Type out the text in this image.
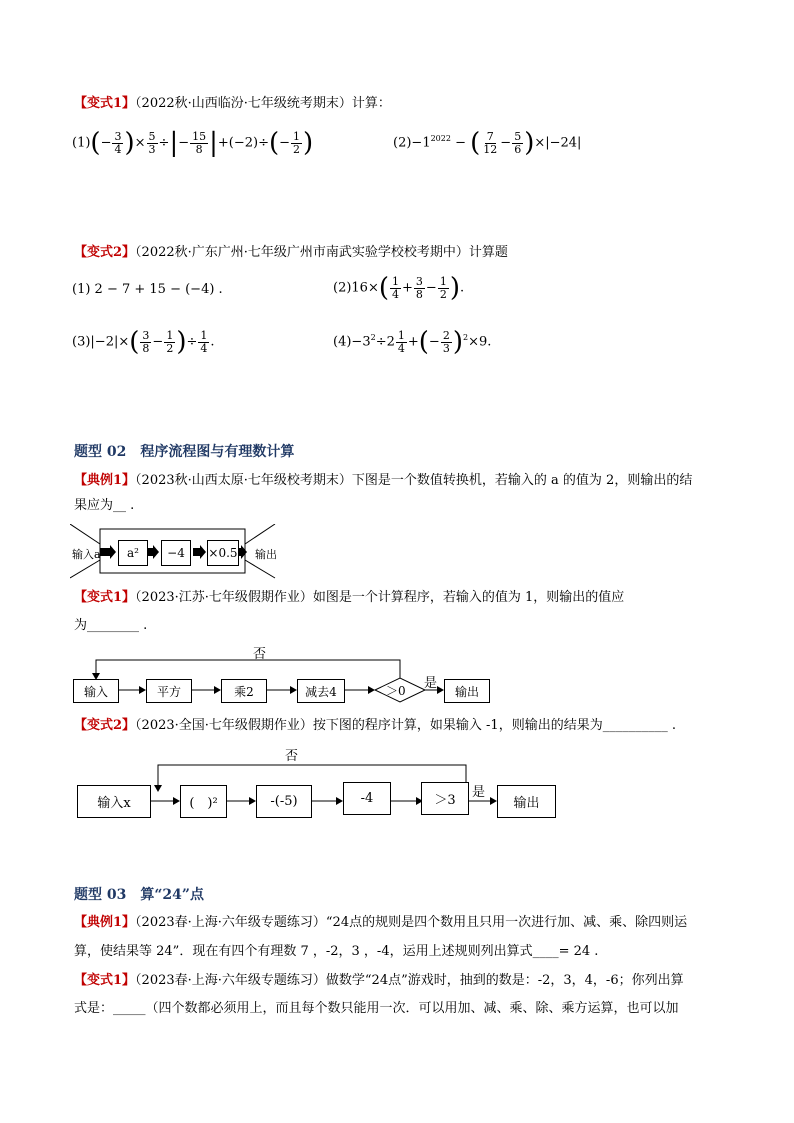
【变式1】（2022秋·山西临汾·七年级统考期末）计算：
$(1)(- \frac{3}{4}$ )× $\frac{5}{3}$ ÷|− $\frac{15}{8} |+(-2)\div(- \frac{1}{2}$ )	$(2)-1^{2022}$ − ( $\frac{7}{12} - \frac{5}{6} )\times|-24|$
【变式2】（2022秋·广东广州·七年级广州市南武实验学校校考期中）计算题
(1) 2 − 7 + 15 − (−4) .	$(2)16\times( \frac{1}{4} + \frac{3}{8} - \frac{1}{2}$ ).
$(3)|-2|\times( \frac{3}{8} - \frac{1}{2}$ )÷ $\frac{1}{4}$ .	$(4)-3^2\div 2 \frac{1}{4}$ +(− $\frac{2}{3} )^2\times 9$.
题型 02　程序流程图与有理数计算
【典例1】（2023秋·山西太原·七年级校考期末）下图是一个数值转换机，若输入的 a 的值为 2，则输出的结
果应为__ .
输入a	a²	−4	×0.5 输出
【变式1】（2023·江苏·七年级假期作业）如图是一个计算程序，若输入的值为 1，则输出的值应
为________ .
否
是
输入	平方	乘2	减去4	＞0	输出
【变式2】（2023·全国·七年级假期作业）按下图的程序计算，如果输入 -1，则输出的结果为__________ .
否
是
输入x	(　)²	-(-5)	-4	＞3	输出
题型 03　算“24”点
【典例1】（2023春·上海·六年级专题练习）“24点的规则是四个数用且只用一次进行加、减、乘、除四则运
算，使结果等 24”．现在有四个有理数 7 ，-2，3 ，-4，运用上述规则列出算式____= 24 .
【变式1】（2023春·上海·六年级专题练习）做数学“24点”游戏时，抽到的数是：-2，3，4，-6；你列出算
式是：_____（四个数都必须用上，而且每个数只能用一次．可以用加、减、乘、除、乘方运算，也可以加
